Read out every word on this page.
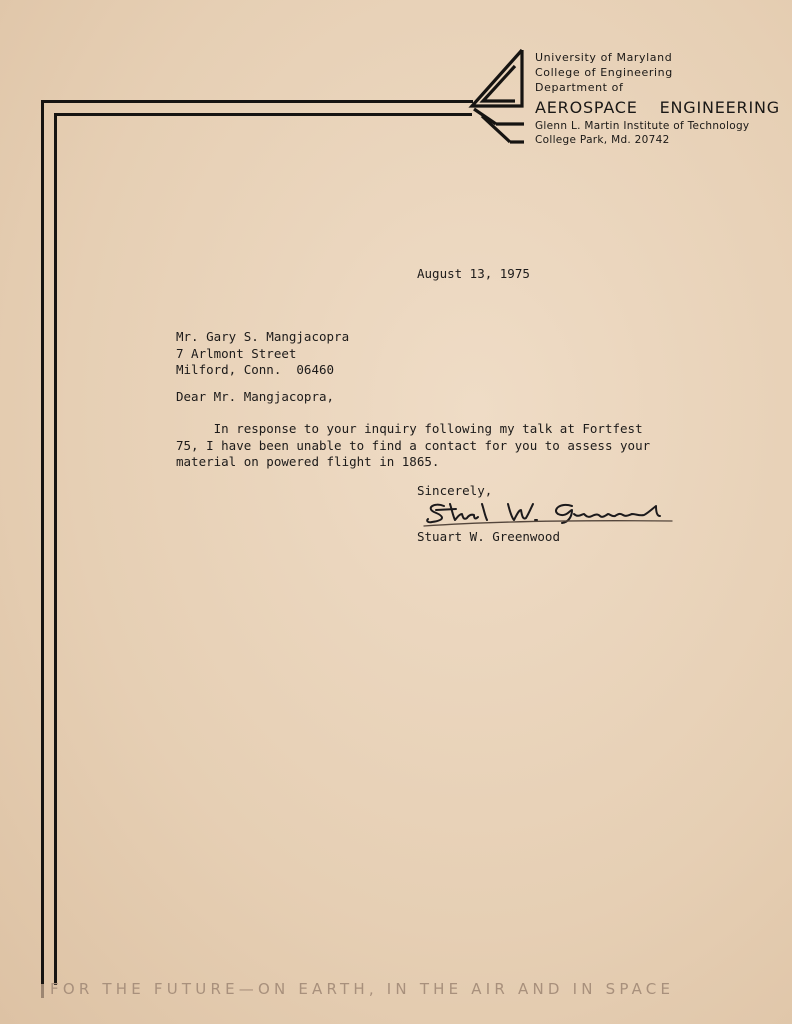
University of Maryland
College of Engineering
Department of
AEROSPACE ENGINEERING
Glenn L. Martin Institute of Technology
College Park, Md. 20742
August 13, 1975
Mr. Gary S. Mangjacopra
7 Arlmont Street
Milford, Conn.  06460
Dear Mr. Mangjacopra,
In response to your inquiry following my talk at Fortfest
75, I have been unable to find a contact for you to assess your
material on powered flight in 1865.
Sincerely,
Stuart W. Greenwood
FOR THE FUTURE—ON EARTH, IN THE AIR AND IN SPACE
